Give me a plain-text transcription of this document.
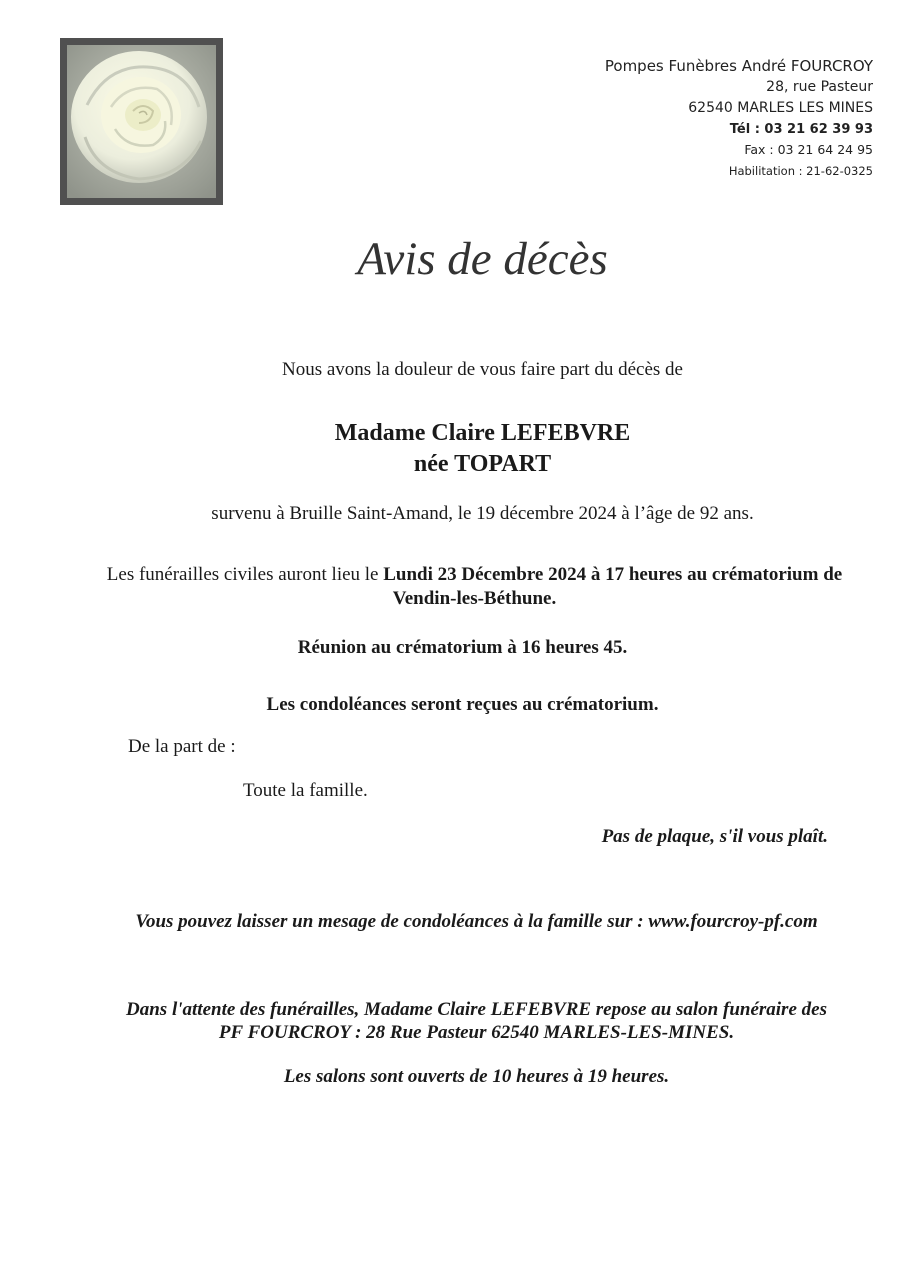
Pompes Funèbres André FOURCROY
28, rue Pasteur
62540 MARLES LES MINES
Tél : 03 21 62 39 93
Fax : 03 21 64 24 95
Habilitation : 21-62-0325
Avis de décès
Nous avons la douleur de vous faire part du décès de
Madame Claire LEFEBVRE
née TOPART
survenu à Bruille Saint-Amand, le 19 décembre 2024 à l’âge de 92 ans.
Les funérailles civiles auront lieu le Lundi 23 Décembre 2024 à 17 heures au crématorium de
Vendin-les-Béthune.
Réunion au crématorium à 16 heures 45.
Les condoléances seront reçues au crématorium.
De la part de :
Toute la famille.
Pas de plaque, s'il vous plaît.
Vous pouvez laisser un mesage de condoléances à la famille sur : www.fourcroy-pf.com
Dans l'attente des funérailles, Madame Claire LEFEBVRE repose au salon funéraire des
PF FOURCROY : 28 Rue Pasteur 62540 MARLES-LES-MINES.
Les salons sont ouverts de 10 heures à 19 heures.
